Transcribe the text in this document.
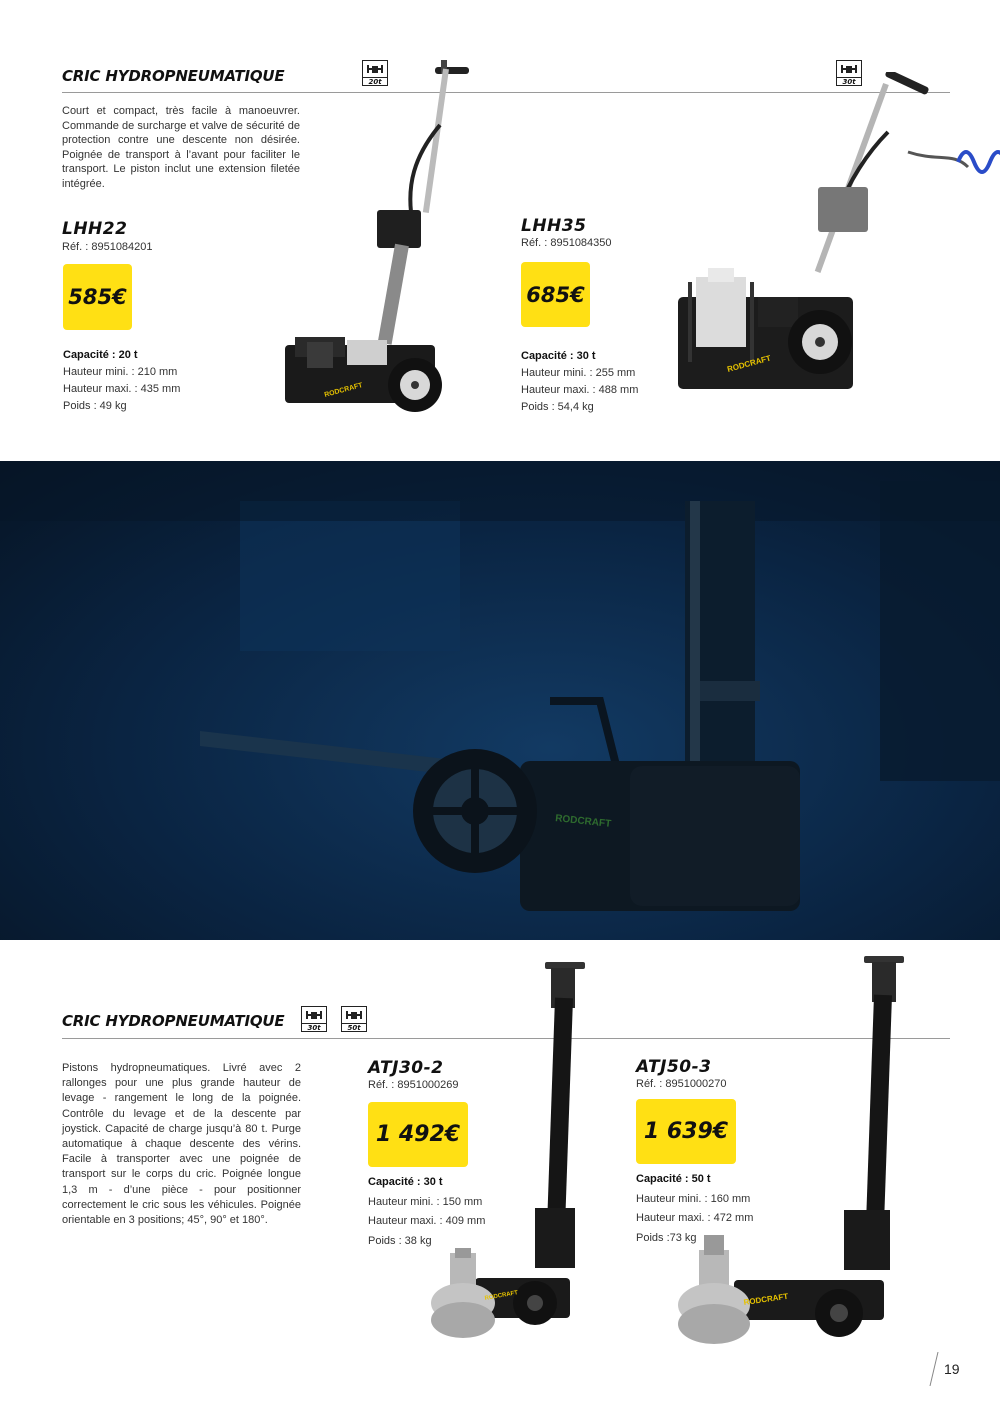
CRIC HYDROPNEUMATIQUE	20t	30t
Court et compact, très facile à manoeuvrer. Commande de surcharge et valve de sécurité de protection contre une descente non désirée. Poignée de transport à l’avant pour faciliter le transport. Le piston inclut une extension filetée intégrée.
LHH22
Réf. : 8951084201
585€
Capacité : 20 t
Hauteur mini. : 210 mm
Hauteur maxi. : 435 mm
Poids : 49 kg
RODCRAFT
LHH35
Réf. : 8951084350
685€
Capacité : 30 t
Hauteur mini. : 255 mm
Hauteur maxi. : 488 mm
Poids : 54,4 kg
RODCRAFT
RODCRAFT
CRIC HYDROPNEUMATIQUE	30t	50t
Pistons hydropneumatiques. Livré avec 2 rallonges pour une plus grande hauteur de levage - rangement le long de la poignée. Contrôle du levage et de la descente par joystick. Capacité de charge jusqu’à 80 t. Purge automatique à chaque descente des vérins. Facile à transporter avec une poignée de transport sur le corps du cric. Poignée longue 1,3 m - d’une pièce - pour positionner correctement le cric sous les véhicules. Poignée orientable en 3 positions; 45°, 90° et 180°.
ATJ30-2
Réf. : 8951000269
1 492€
Capacité : 30 t
Hauteur mini. : 150 mm
Hauteur maxi. : 409 mm
Poids : 38 kg
RODCRAFT
ATJ50-3
Réf. : 8951000270
1 639€
Capacité : 50 t
Hauteur mini. : 160 mm
Hauteur maxi. : 472 mm
Poids :73 kg
RODCRAFT
19
